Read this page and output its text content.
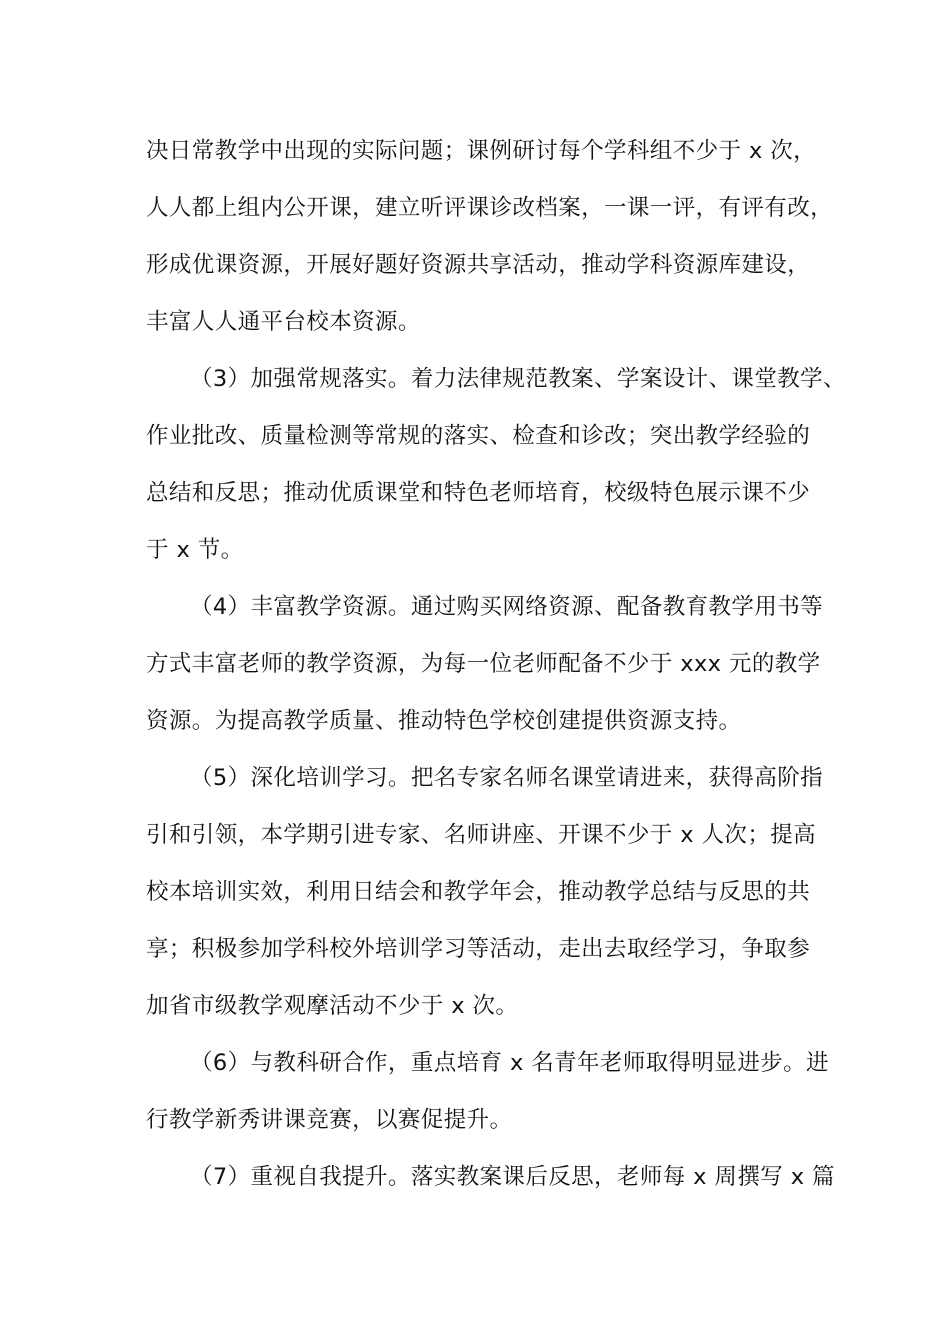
决日常教学中出现的实际问题；课例研讨每个学科组不少于 x 次，

人人都上组内公开课，建立听评课诊改档案，一课一评，有评有改，

形成优课资源，开展好题好资源共享活动，推动学科资源库建设，

丰富人人通平台校本资源。

（3）加强常规落实。着力法律规范教案、学案设计、课堂教学、

作业批改、质量检测等常规的落实、检查和诊改；突出教学经验的

总结和反思；推动优质课堂和特色老师培育，校级特色展示课不少

于 x 节。

（4）丰富教学资源。通过购买网络资源、配备教育教学用书等

方式丰富老师的教学资源，为每一位老师配备不少于 xxx 元的教学

资源。为提高教学质量、推动特色学校创建提供资源支持。

（5）深化培训学习。把名专家名师名课堂请进来，获得高阶指

引和引领，本学期引进专家、名师讲座、开课不少于 x 人次；提高

校本培训实效，利用日结会和教学年会，推动教学总结与反思的共

享；积极参加学科校外培训学习等活动，走出去取经学习，争取参

加省市级教学观摩活动不少于 x 次。

（6）与教科研合作，重点培育 x 名青年老师取得明显进步。进

行教学新秀讲课竞赛，以赛促提升。

（7）重视自我提升。落实教案课后反思，老师每 x 周撰写 x 篇
